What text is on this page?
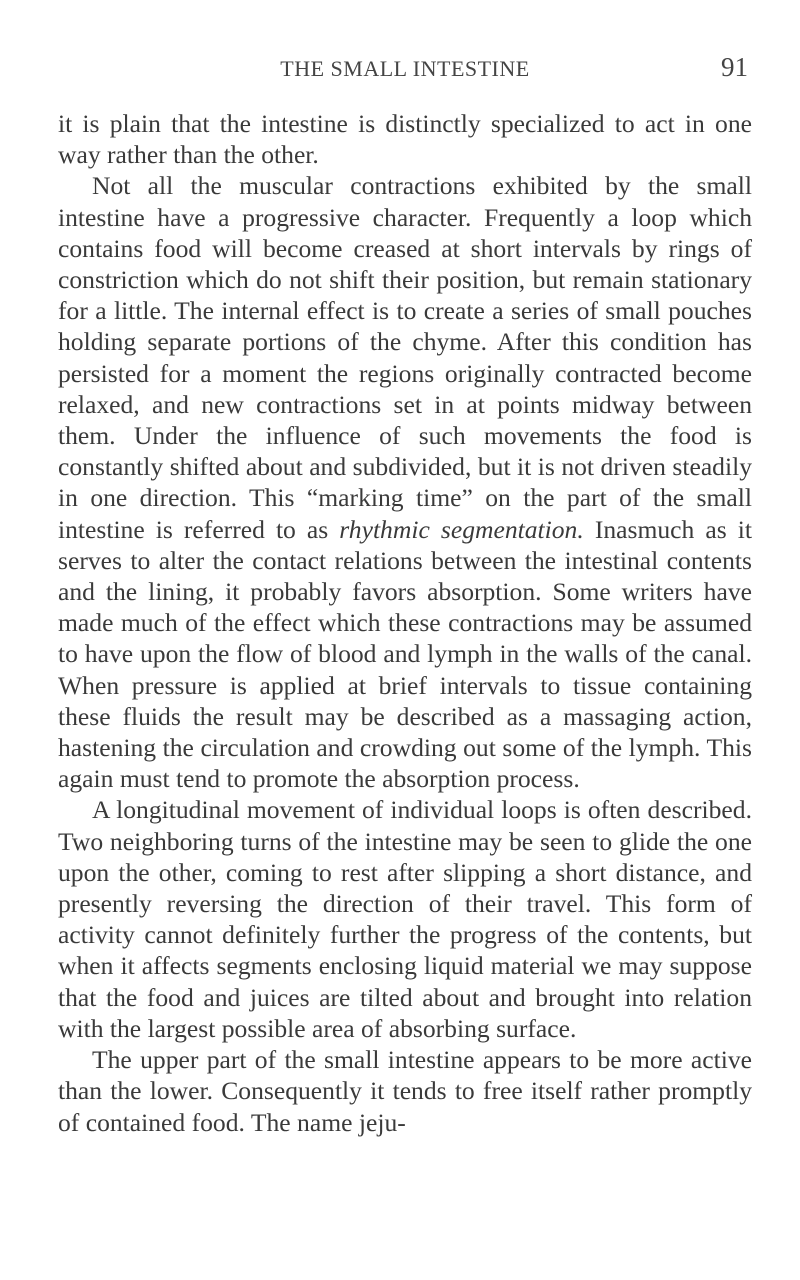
THE SMALL INTESTINE	91

it is plain that the intestine is distinctly specialized to act in one way rather than the other.

Not all the muscular contractions exhibited by the small intestine have a progressive character. Frequently a loop which contains food will become creased at short intervals by rings of constriction which do not shift their position, but remain stationary for a little. The internal effect is to create a series of small pouches holding separate portions of the chyme. After this condition has persisted for a moment the regions originally contracted become relaxed, and new contractions set in at points midway between them. Under the influence of such movements the food is constantly shifted about and subdivided, but it is not driven steadily in one direction. This “marking time” on the part of the small intestine is referred to as rhythmic segmentation. Inasmuch as it serves to alter the contact relations between the intestinal contents and the lining, it probably favors absorption. Some writers have made much of the effect which these contractions may be assumed to have upon the flow of blood and lymph in the walls of the canal. When pressure is applied at brief intervals to tissue containing these fluids the result may be described as a massaging action, hastening the circulation and crowding out some of the lymph. This again must tend to promote the absorption process.

A longitudinal movement of individual loops is often described. Two neighboring turns of the intestine may be seen to glide the one upon the other, coming to rest after slipping a short distance, and presently reversing the direction of their travel. This form of activity cannot definitely further the progress of the contents, but when it affects segments enclosing liquid material we may suppose that the food and juices are tilted about and brought into relation with the largest possible area of absorbing surface.

The upper part of the small intestine appears to be more active than the lower. Consequently it tends to free itself rather promptly of contained food. The name jeju-
